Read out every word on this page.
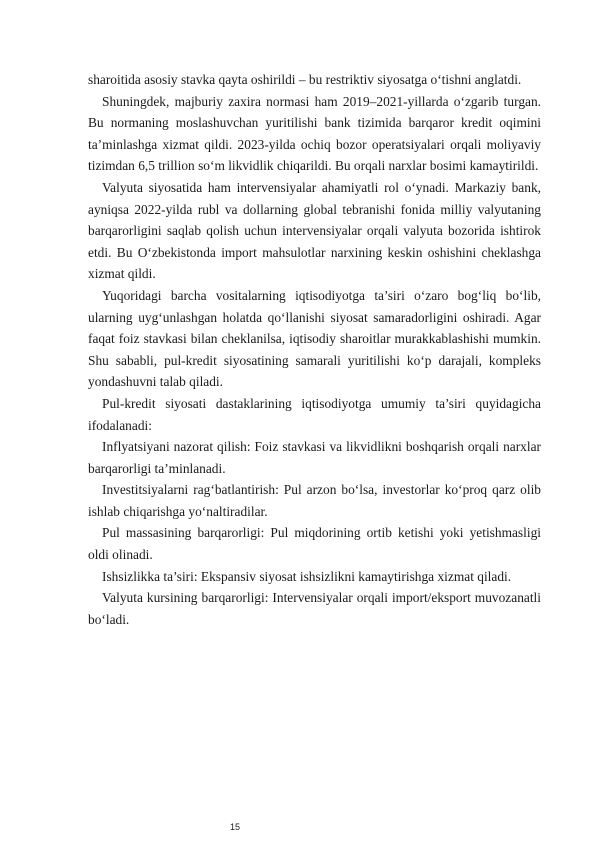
sharoitida asosiy stavka qayta oshirildi – bu restriktiv siyosatga o‘tishni anglatdi.

Shuningdek, majburiy zaxira normasi ham 2019–2021-yillarda o‘zgarib turgan. Bu normaning moslashuvchan yuritilishi bank tizimida barqaror kredit oqimini ta’minlashga xizmat qildi. 2023-yilda ochiq bozor operatsiyalari orqali moliyaviy tizimdan 6,5 trillion so‘m likvidlik chiqarildi. Bu orqali narxlar bosimi kamaytirildi.

Valyuta siyosatida ham intervensiyalar ahamiyatli rol o‘ynadi. Markaziy bank, ayniqsa 2022-yilda rubl va dollarning global tebranishi fonida milliy valyutaning barqarorligini saqlab qolish uchun intervensiyalar orqali valyuta bozorida ishtirok etdi. Bu O‘zbekistonda import mahsulotlar narxining keskin oshishini cheklashga xizmat qildi.

Yuqoridagi barcha vositalarning iqtisodiyotga ta’siri o‘zaro bog‘liq bo‘lib, ularning uyg‘unlashgan holatda qo‘llanishi siyosat samaradorligini oshiradi. Agar faqat foiz stavkasi bilan cheklanilsa, iqtisodiy sharoitlar murakkablashishi mumkin. Shu sababli, pul-kredit siyosatining samarali yuritilishi ko‘p darajali, kompleks yondashuvni talab qiladi.

Pul-kredit siyosati dastaklarining iqtisodiyotga umumiy ta’siri quyidagicha ifodalanadi:

Inflyatsiyani nazorat qilish: Foiz stavkasi va likvidlikni boshqarish orqali narxlar barqarorligi ta’minlanadi.

Investitsiyalarni rag‘batlantirish: Pul arzon bo‘lsa, investorlar ko‘proq qarz olib ishlab chiqarishga yo‘naltiradilar.

Pul massasining barqarorligi: Pul miqdorining ortib ketishi yoki yetishmasligi oldi olinadi.

Ishsizlikka ta’siri: Ekspansiv siyosat ishsizlikni kamaytirishga xizmat qiladi.

Valyuta kursining barqarorligi: Intervensiyalar orqali import/eksport muvozanatli bo‘ladi.

15
